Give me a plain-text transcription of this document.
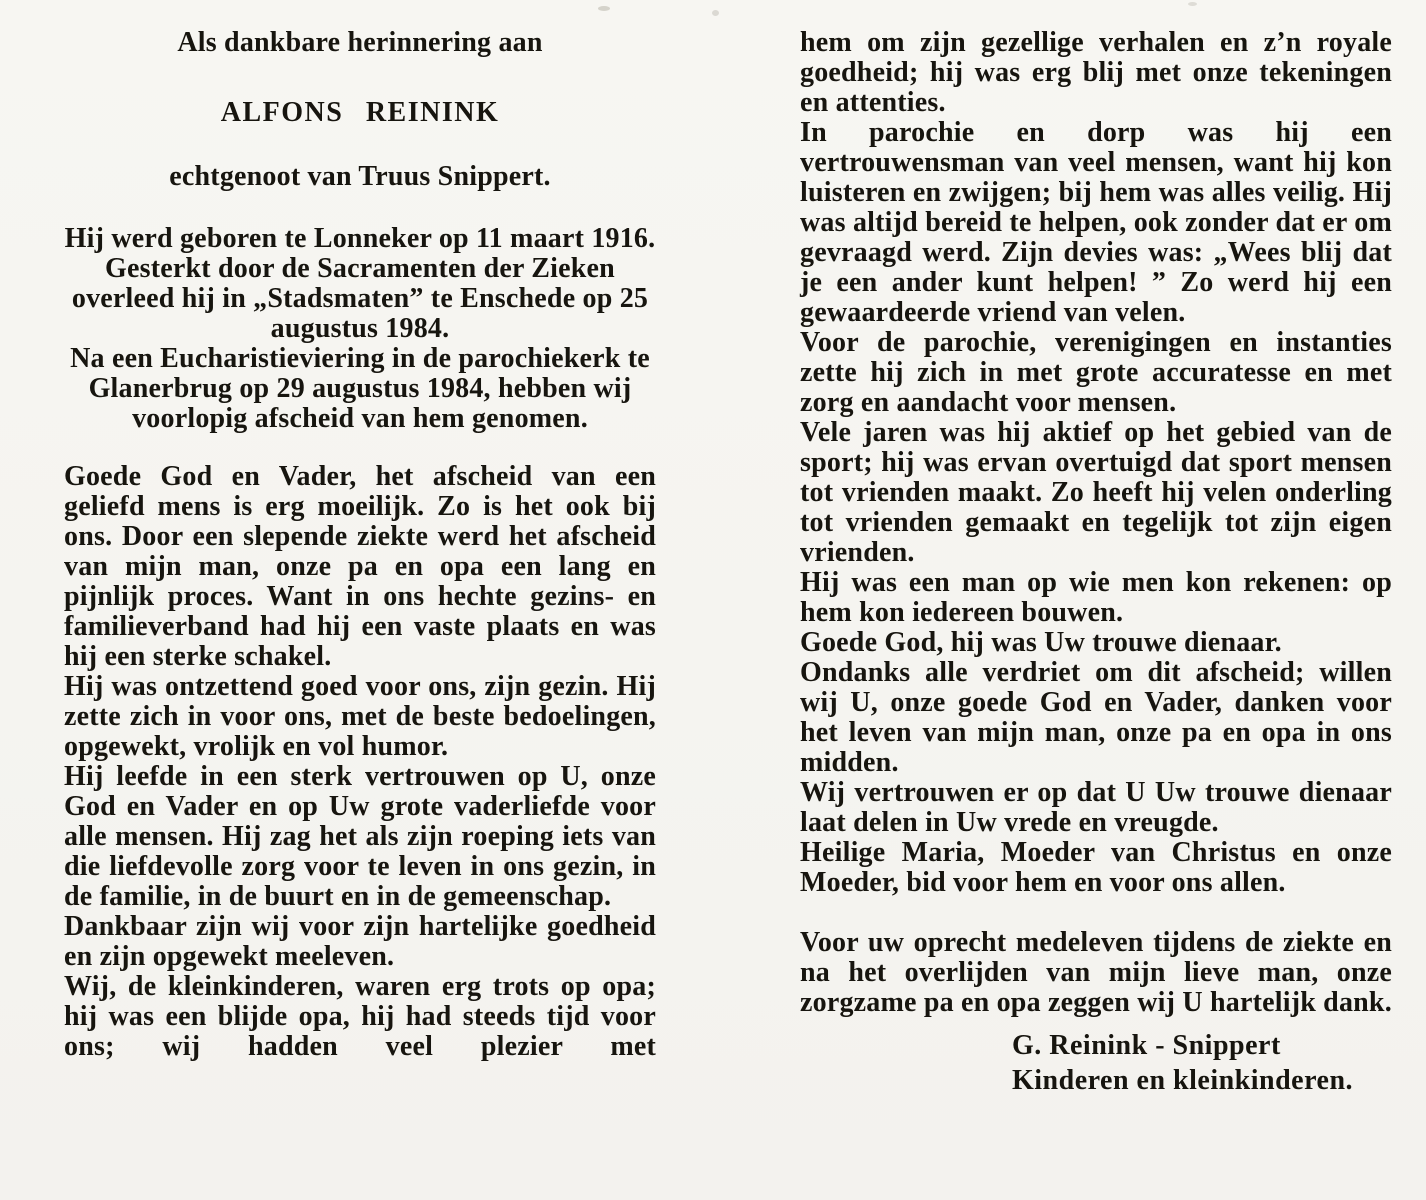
Als dankbare herinnering aan

ALFONS REININK

echtgenoot van Truus Snippert.

Hij werd geboren te Lonneker op 11 maart 1916. Gesterkt door de Sacramenten der Zieken overleed hij in „Stadsmaten” te Enschede op 25 augustus 1984.

Na een Eucharistieviering in de parochiekerk te Glanerbrug op 29 augustus 1984, hebben wij voorlopig afscheid van hem genomen.

Goede God en Vader, het afscheid van een geliefd mens is erg moeilijk. Zo is het ook bij ons. Door een slepende ziekte werd het afscheid van mijn man, onze pa en opa een lang en pijnlijk proces. Want in ons hechte gezins- en familieverband had hij een vaste plaats en was hij een sterke schakel.

Hij was ontzettend goed voor ons, zijn gezin. Hij zette zich in voor ons, met de beste bedoelingen, opgewekt, vrolijk en vol humor.

Hij leefde in een sterk vertrouwen op U, onze God en Vader en op Uw grote vaderliefde voor alle mensen. Hij zag het als zijn roeping iets van die liefdevolle zorg voor te leven in ons gezin, in de familie, in de buurt en in de gemeenschap.

Dankbaar zijn wij voor zijn hartelijke goedheid en zijn opgewekt meeleven.

Wij, de kleinkinderen, waren erg trots op opa; hij was een blijde opa, hij had steeds tijd voor ons; wij hadden veel plezier met

hem om zijn gezellige verhalen en z’n royale goedheid; hij was erg blij met onze tekeningen en attenties.

In parochie en dorp was hij een vertrouwensman van veel mensen, want hij kon luisteren en zwijgen; bij hem was alles veilig. Hij was altijd bereid te helpen, ook zonder dat er om gevraagd werd. Zijn devies was: „Wees blij dat je een ander kunt helpen! ” Zo werd hij een gewaardeerde vriend van velen.

Voor de parochie, verenigingen en instanties zette hij zich in met grote accuratesse en met zorg en aandacht voor mensen.

Vele jaren was hij aktief op het gebied van de sport; hij was ervan overtuigd dat sport mensen tot vrienden maakt. Zo heeft hij velen onderling tot vrienden gemaakt en tegelijk tot zijn eigen vrienden.

Hij was een man op wie men kon rekenen: op hem kon iedereen bouwen.

Goede God, hij was Uw trouwe dienaar.

Ondanks alle verdriet om dit afscheid; willen wij U, onze goede God en Vader, danken voor het leven van mijn man, onze pa en opa in ons midden.

Wij vertrouwen er op dat U Uw trouwe dienaar laat delen in Uw vrede en vreugde.

Heilige Maria, Moeder van Christus en onze Moeder, bid voor hem en voor ons allen.

Voor uw oprecht medeleven tijdens de ziekte en na het overlijden van mijn lieve man, onze zorgzame pa en opa zeggen wij U hartelijk dank.

G. Reinink - Snippert

Kinderen en kleinkinderen.
